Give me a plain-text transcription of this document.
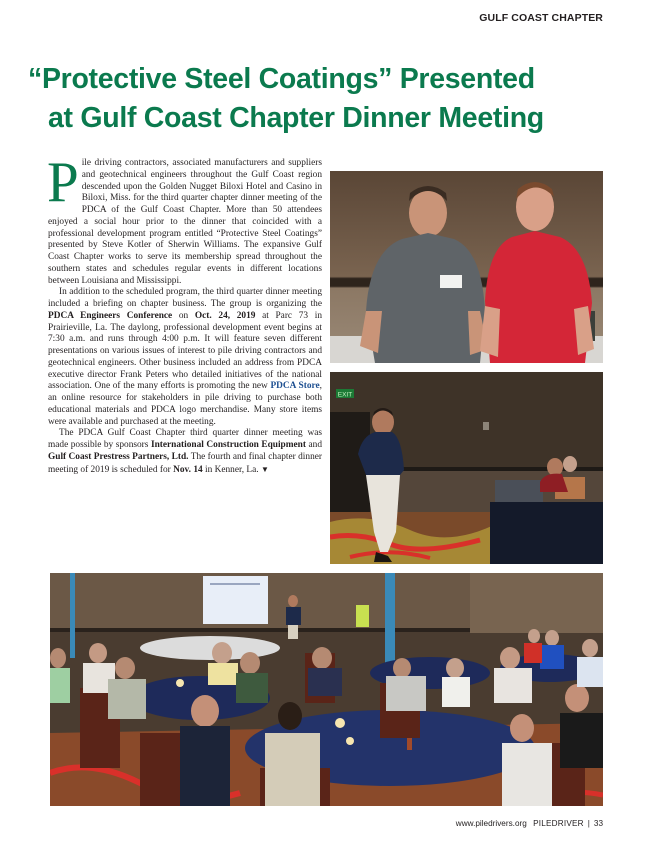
GULF COAST CHAPTER
“Protective Steel Coatings” Presented
at Gulf Coast Chapter Dinner Meeting

Pile driving contractors, associated manufacturers and suppliers and geotechnical engineers throughout the Gulf Coast region descended upon the Golden Nugget Biloxi Hotel and Casino in Biloxi, Miss. for the third quarter chapter dinner meeting of the PDCA of the Gulf Coast Chapter. More than 50 attendees enjoyed a social hour prior to the dinner that coincided with a professional development program entitled “Protective Steel Coatings” presented by Steve Kotler of Sherwin Williams. The expansive Gulf Coast Chapter works to serve its membership spread throughout the southern states and schedules regular events in different locations between Louisiana and Mississippi.

In addition to the scheduled program, the third quarter dinner meeting included a briefing on chapter business. The group is organizing the PDCA Engineers Conference on Oct. 24, 2019 at Parc 73 in Prairieville, La. The daylong, professional development event begins at 7:30 a.m. and runs through 4:00 p.m. It will feature seven different presentations on various issues of interest to pile driving contractors and geotechnical engineers. Other business included an address from PDCA executive director Frank Peters who detailed initiatives of the national association. One of the many efforts is promoting the new PDCA Store, an online resource for stakeholders in pile driving to purchase both educational materials and PDCA logo merchandise. Many store items were available and purchased at the meeting.

The PDCA Gulf Coast Chapter third quarter dinner meeting was made possible by sponsors International Construction Equipment and Gulf Coast Prestress Partners, Ltd. The fourth and final chapter dinner meeting of 2019 is scheduled for Nov. 14 in Kenner, La. ▼

EXIT
www.piledrivers.org PILEDRIVER | 33
